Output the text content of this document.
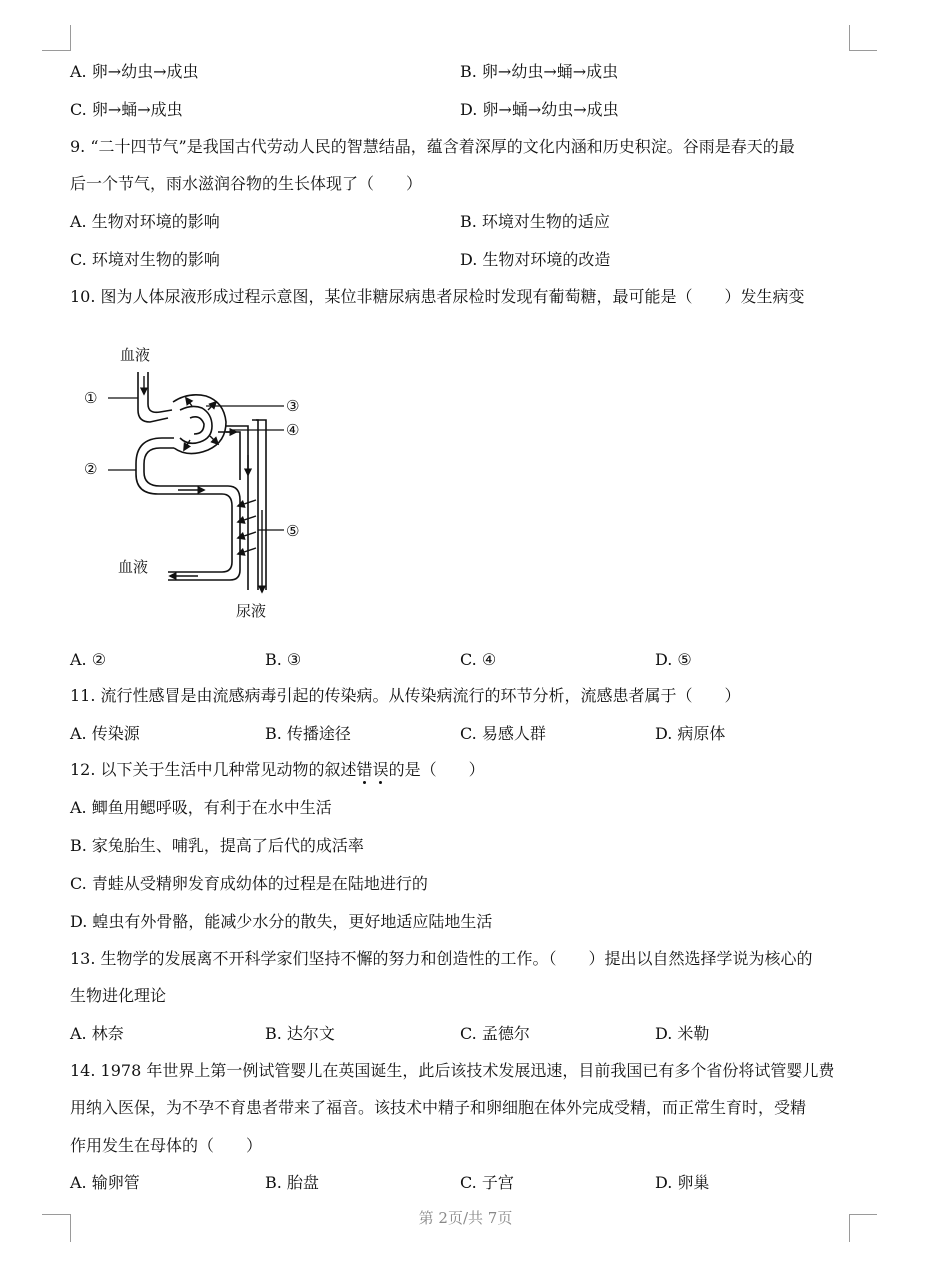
A. 卵→幼虫→成虫	B. 卵→幼虫→蛹→成虫
C. 卵→蛹→成虫	D. 卵→蛹→幼虫→成虫
9. “二十四节气”是我国古代劳动人民的智慧结晶，蕴含着深厚的文化内涵和历史积淀。谷雨是春天的最
后一个节气，雨水滋润谷物的生长体现了（　　）
A. 生物对环境的影响	B. 环境对生物的适应
C. 环境对生物的影响	D. 生物对环境的改造
10. 图为人体尿液形成过程示意图，某位非糖尿病患者尿检时发现有葡萄糖，最可能是（　　）发生病变
血液
①
②
③
④
⑤
血液
尿液
A. ②	B. ③	C. ④	D. ⑤
11. 流行性感冒是由流感病毒引起的传染病。从传染病流行的环节分析，流感患者属于（　　）
A. 传染源	B. 传播途径	C. 易感人群	D. 病原体
12. 以下关于生活中几种常见动物的叙述错误的是（　　）
A. 鲫鱼用鳃呼吸，有利于在水中生活
B. 家兔胎生、哺乳，提高了后代的成活率
C. 青蛙从受精卵发育成幼体的过程是在陆地进行的
D. 蝗虫有外骨骼，能减少水分的散失，更好地适应陆地生活
13. 生物学的发展离不开科学家们坚持不懈的努力和创造性的工作。（　　）提出以自然选择学说为核心的
生物进化理论
A. 林奈	B. 达尔文	C. 孟德尔	D. 米勒
14. 1978 年世界上第一例试管婴儿在英国诞生，此后该技术发展迅速，目前我国已有多个省份将试管婴儿费
用纳入医保，为不孕不育患者带来了福音。该技术中精子和卵细胞在体外完成受精，而正常生育时，受精
作用发生在母体的（　　）
A. 输卵管	B. 胎盘	C. 子宫	D. 卵巢
第 2页/共 7页
